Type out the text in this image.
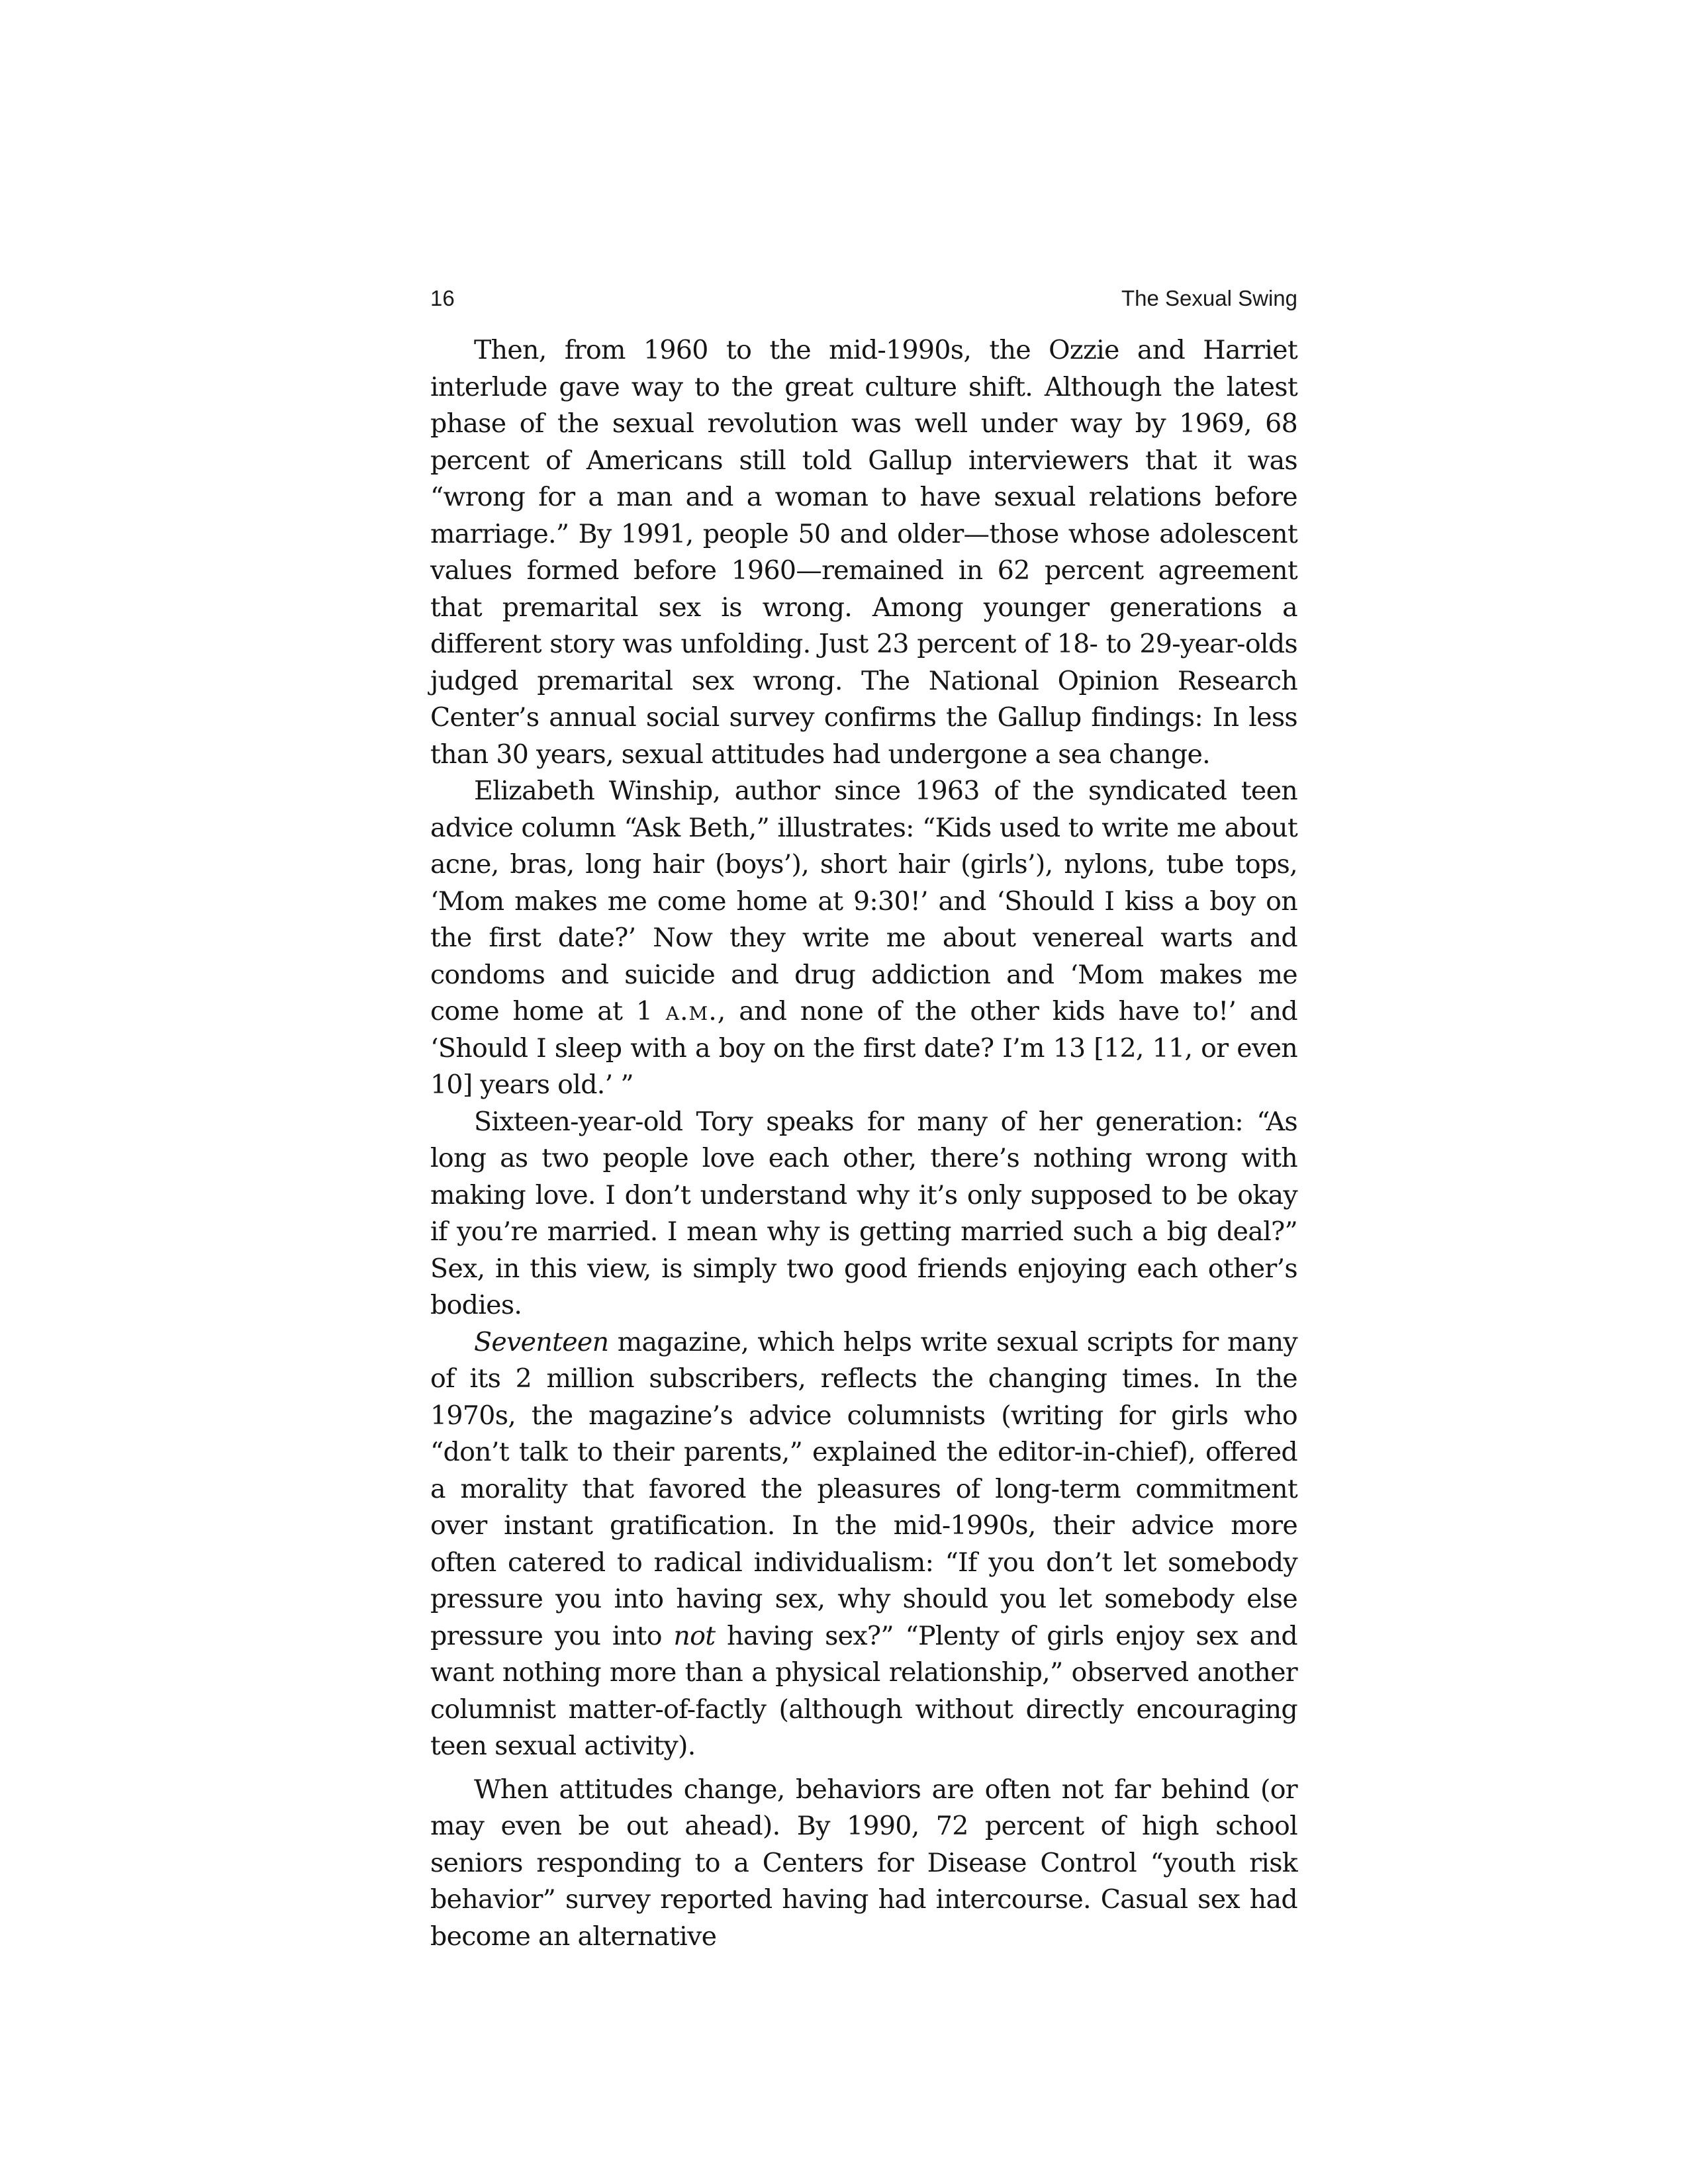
16	The Sexual Swing

Then, from 1960 to the mid-1990s, the Ozzie and Harriet interlude gave way to the great culture shift. Although the latest phase of the sexual revolution was well under way by 1969, 68 percent of Americans still told Gallup interviewers that it was “wrong for a man and a woman to have sexual relations before marriage.” By 1991, people 50 and older—those whose adolescent values formed before 1960—remained in 62 percent agreement that premarital sex is wrong. Among younger generations a different story was unfolding. Just 23 percent of 18- to 29-year-olds judged premarital sex wrong. The National Opinion Research Center’s annual social survey confirms the Gallup findings: In less than 30 years, sexual attitudes had undergone a sea change.

Elizabeth Winship, author since 1963 of the syndicated teen advice column “Ask Beth,” illustrates: “Kids used to write me about acne, bras, long hair (boys’), short hair (girls’), nylons, tube tops, ‘Mom makes me come home at 9:30!’ and ‘Should I kiss a boy on the first date?’ Now they write me about venereal warts and condoms and suicide and drug addiction and ‘Mom makes me come home at 1 a.m., and none of the other kids have to!’ and ‘Should I sleep with a boy on the first date? I’m 13 [12, 11, or even 10] years old.’ ”

Sixteen-year-old Tory speaks for many of her generation: “As long as two people love each other, there’s nothing wrong with making love. I don’t understand why it’s only supposed to be okay if you’re married. I mean why is getting married such a big deal?” Sex, in this view, is simply two good friends enjoying each other’s bodies.

Seventeen magazine, which helps write sexual scripts for many of its 2 million subscribers, reflects the changing times. In the 1970s, the magazine’s advice columnists (writing for girls who “don’t talk to their parents,” explained the editor-in-chief), offered a morality that favored the pleasures of long-term commitment over instant gratification. In the mid-1990s, their advice more often catered to radical individualism: “If you don’t let somebody pressure you into having sex, why should you let somebody else pressure you into not having sex?” “Plenty of girls enjoy sex and want nothing more than a physical relationship,” observed another columnist matter-of-factly (although without directly encouraging teen sexual activity).

When attitudes change, behaviors are often not far behind (or may even be out ahead). By 1990, 72 percent of high school seniors responding to a Centers for Disease Control “youth risk behavior” survey reported having had intercourse. Casual sex had become an alternative
